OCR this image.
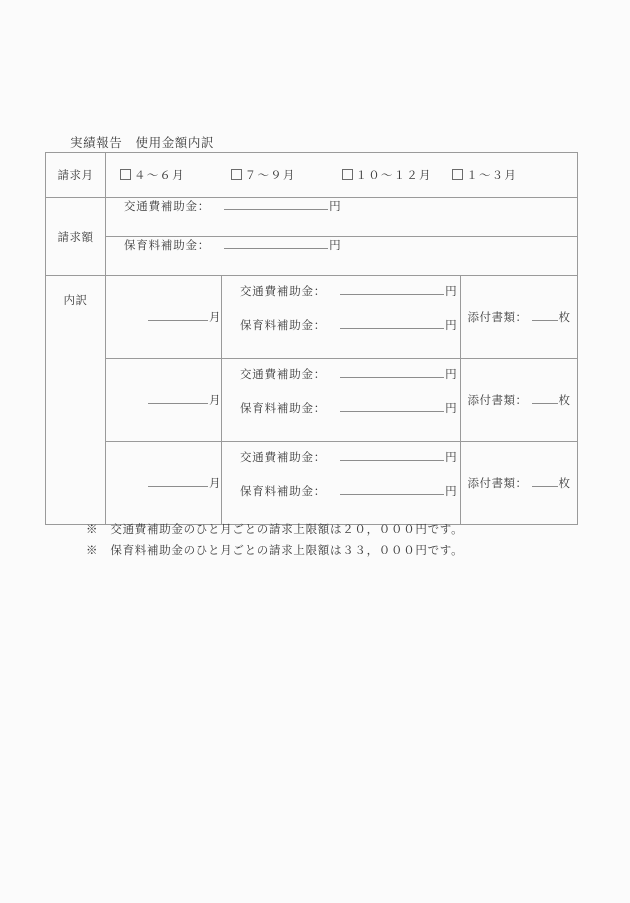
実績報告　使用金額内訳
請求月	４〜６月 ７〜９月 １０〜１２月 １〜３月		

請求額	交通費補助金： 円		

	保育料補助金： 円		

内訳	月	交通費補助金： 円
保育料補助金： 円	添付書類： 枚
	月	交通費補助金： 円
保育料補助金： 円	添付書類： 枚
	月	交通費補助金： 円
保育料補助金： 円	添付書類： 枚
※　交通費補助金のひと月ごとの請求上限額は２０，０００円です。
※　保育料補助金のひと月ごとの請求上限額は３３，０００円です。
